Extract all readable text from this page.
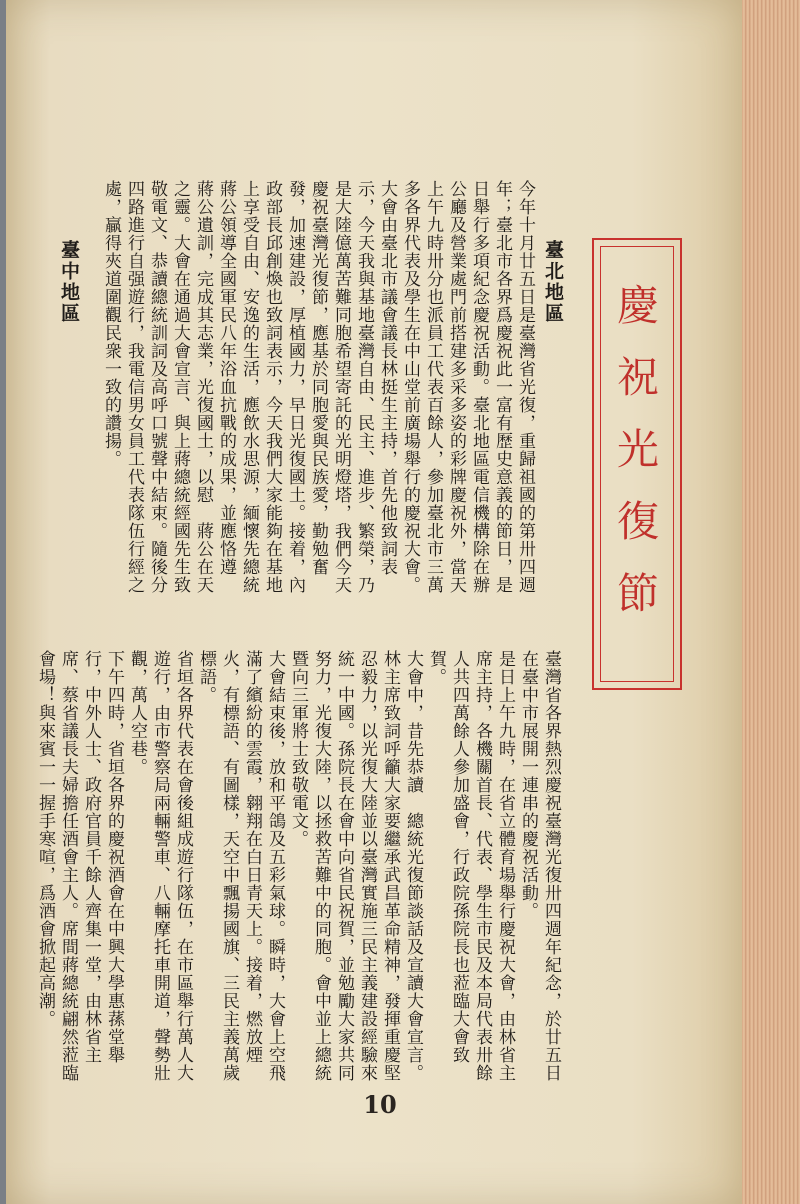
慶祝光復節
臺北地區
今年十月廿五日是臺灣省光復，重歸祖國的第卅四週年；臺北市各界爲慶祝此一富有歷史意義的節日，是日舉行多項紀念慶祝活動。臺北地區電信機構除在辦公廳及營業處門前搭建多采多姿的彩牌慶祝外，當天上午九時卅分也派員工代表百餘人，參加臺北市三萬多各界代表及學生在中山堂前廣場舉行的慶祝大會。
大會由臺北市議會議長林挺生主持，首先他致詞表示，今天我與基地臺灣自由、民主、進步、繁榮，乃是大陸億萬苦難同胞希望寄託的光明燈塔，我們今天慶祝臺灣光復節，應基於同胞愛與民族愛，勤勉奮發，加速建設，厚植國力，早日光復國土。接着，內政部長邱創煥也致詞表示，今天我們大家能夠在基地上享受自由、安逸的生活，應飲水思源，緬懷先總統　蔣公領導全國軍民八年浴血抗戰的成果，並應恪遵　蔣公遺訓，完成其志業，光復國土，以慰　蔣公在天之靈。大會在通過大會宣言、與上蔣總統經國先生致敬電文、恭讀總統訓詞及高呼口號聲中結束。隨後分四路進行自强遊行，我電信男女員工代表隊伍行經之處，贏得夾道圍觀民衆一致的讚揚。
臺中地區
臺灣省各界熱烈慶祝臺灣光復卅四週年紀念，於廿五日在臺中市展開一連串的慶祝活動。
是日上午九時，在省立體育場舉行慶祝大會，由林省主席主持，各機關首長、代表、學生市民及本局代表卅餘人共四萬餘人參加盛會，行政院孫院長也蒞臨大會致賀。
大會中，昔先恭讀　總統光復節談話及宣讀大會宣言。林主席致詞呼籲大家要繼承武昌革命精神，發揮重慶堅忍毅力，以光復大陸並以臺灣實施三民主義建設經驗來統一中國。孫院長在會中向省民祝賀，並勉勵大家共同努力，光復大陸，以拯救苦難中的同胞。會中並上總統暨向三軍將士致敬電文。
大會結束後，放和平鴿及五彩氣球。瞬時，大會上空飛滿了繽紛的雲霞，翱翔在白日青天上。接着，燃放煙火，有標語、有圖樣，天空中飄揚國旗、三民主義萬歲標語。
省垣各界代表在會後組成遊行隊伍，在市區舉行萬人大遊行，由市警察局兩輛警車、八輛摩托車開道，聲勢壯觀，萬人空巷。
下午四時，省垣各界的慶祝酒會在中興大學惠蓀堂舉行，中外人士、政府官員千餘人齊集一堂，由林省主席、蔡省議長夫婦擔任酒會主人。席間蔣總統翩然蒞臨會場！與來賓一一握手寒喧，爲酒會掀起高潮。
10
